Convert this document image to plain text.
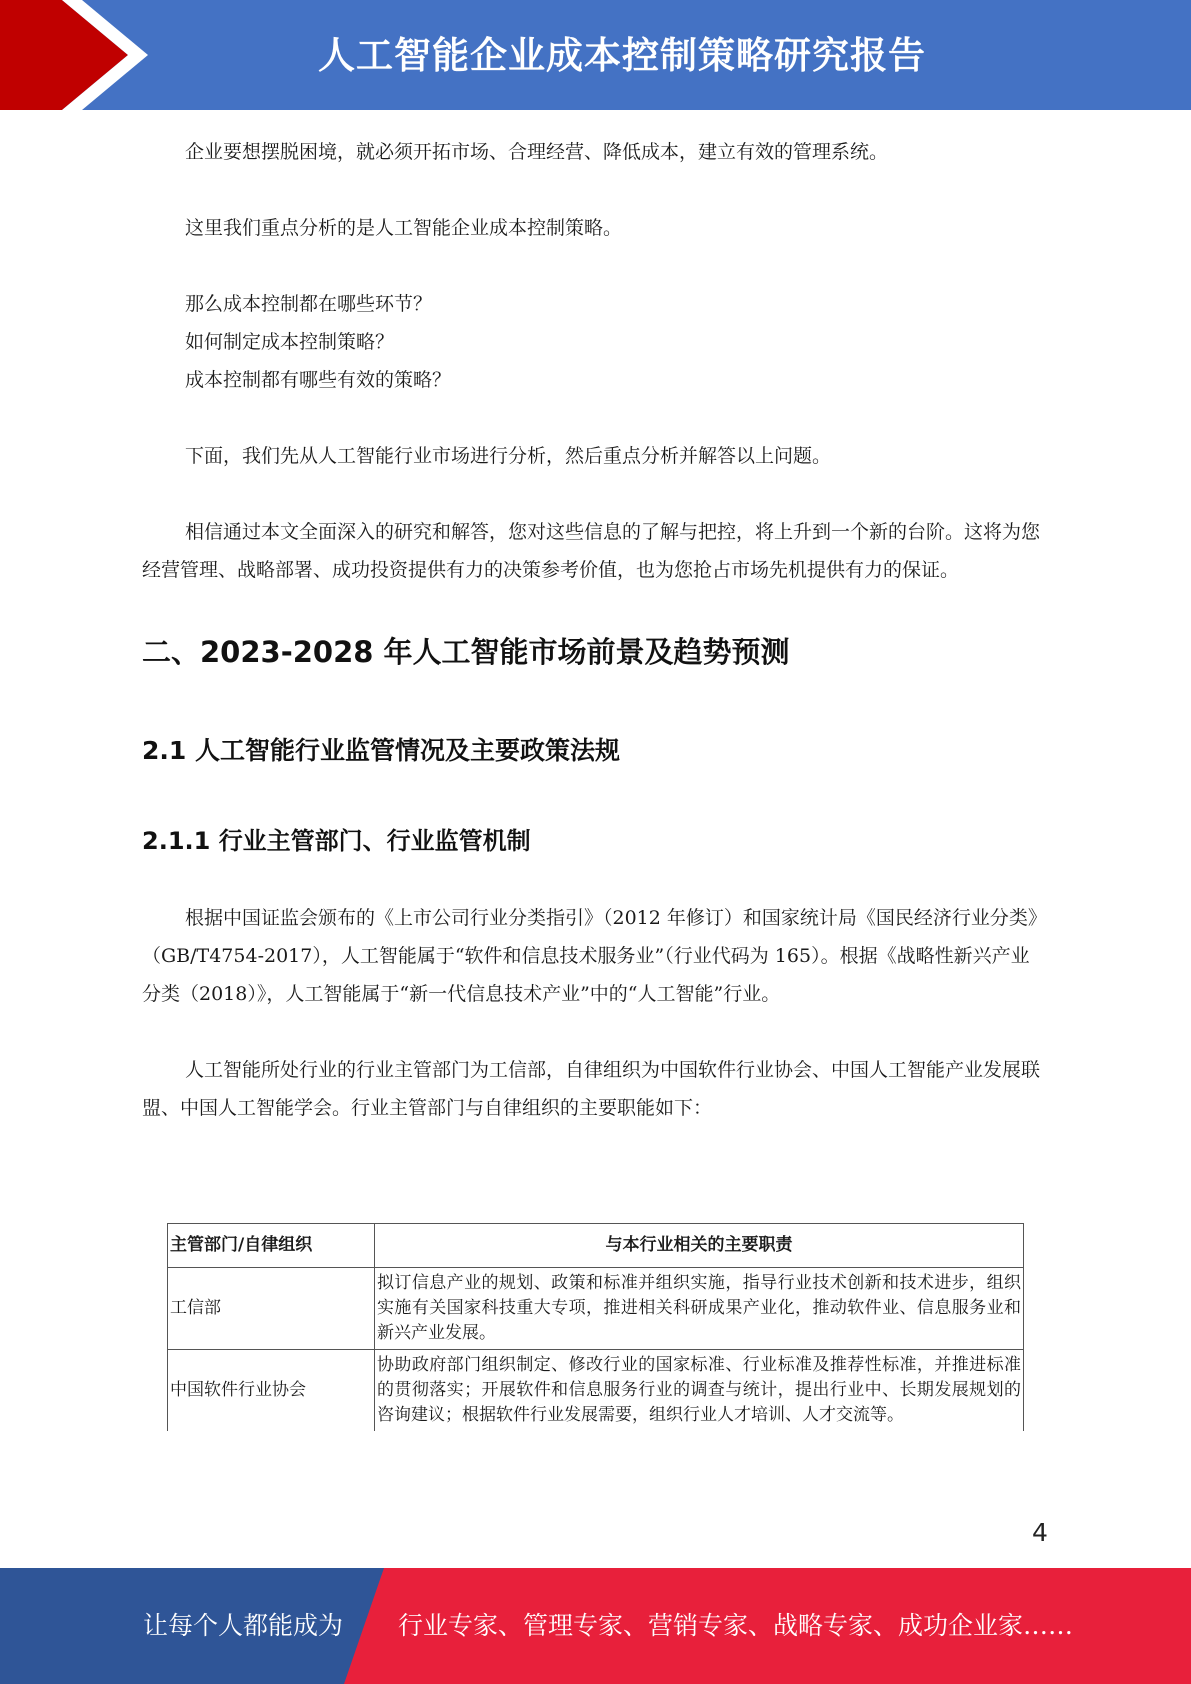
人工智能企业成本控制策略研究报告

企业要想摆脱困境，就必须开拓市场、合理经营、降低成本，建立有效的管理系统。

这里我们重点分析的是人工智能企业成本控制策略。

那么成本控制都在哪些环节？

如何制定成本控制策略？

成本控制都有哪些有效的策略？

下面，我们先从人工智能行业市场进行分析，然后重点分析并解答以上问题。

相信通过本文全面深入的研究和解答，您对这些信息的了解与把控，将上升到一个新的台阶。这将为您经营管理、战略部署、成功投资提供有力的决策参考价值，也为您抢占市场先机提供有力的保证。

二、2023-2028 年人工智能市场前景及趋势预测
2.1 人工智能行业监管情况及主要政策法规
2.1.1 行业主管部门、行业监管机制

根据中国证监会颁布的《上市公司行业分类指引》（2012 年修订）和国家统计局《国民经济行业分类》（GB/T4754-2017），人工智能属于“软件和信息技术服务业”（行业代码为 165）。根据《战略性新兴产业分类（2018）》，人工智能属于“新一代信息技术产业”中的“人工智能”行业。

人工智能所处行业的行业主管部门为工信部，自律组织为中国软件行业协会、中国人工智能产业发展联盟、中国人工智能学会。行业主管部门与自律组织的主要职能如下：

主管部门/自律组织	与本行业相关的主要职责
工信部	拟订信息产业的规划、政策和标准并组织实施，指导行业技术创新和技术进步，组织实施有关国家科技重大专项，推进相关科研成果产业化，推动软件业、信息服务业和新兴产业发展。
中国软件行业协会	协助政府部门组织制定、修改行业的国家标准、行业标准及推荐性标准，并推进标准的贯彻落实；开展软件和信息服务行业的调查与统计，提出行业中、长期发展规划的咨询建议；根据软件行业发展需要，组织行业人才培训、人才交流等。
4
让每个人都能成为 行业专家、管理专家、营销专家、战略专家、成功企业家……
